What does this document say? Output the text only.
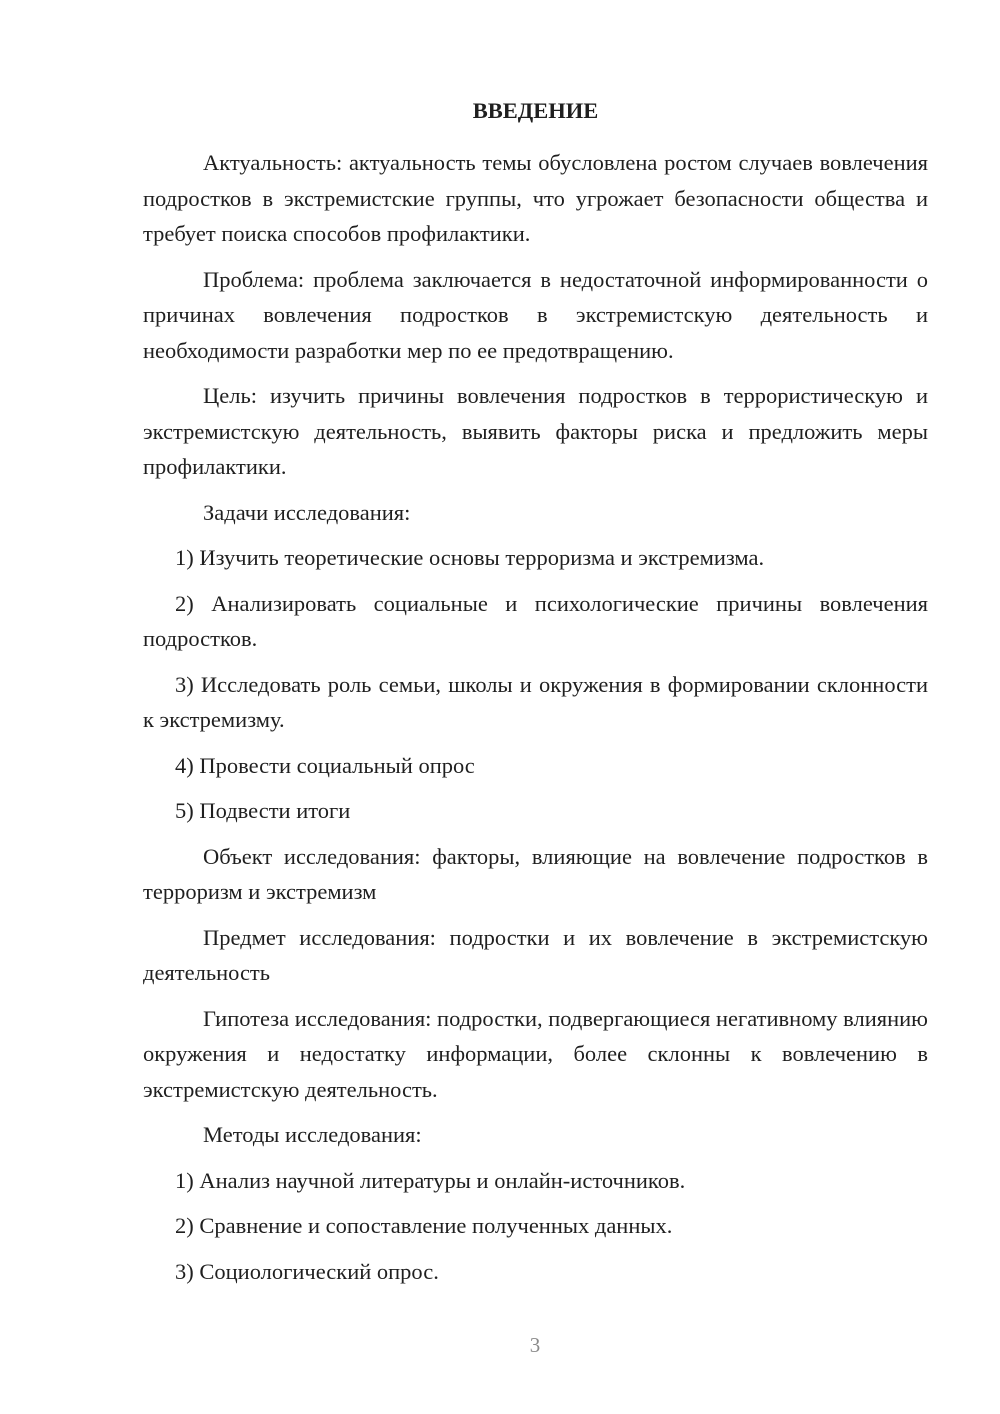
ВВЕДЕНИЕ

Актуальность: актуальность темы обусловлена ростом случаев вовлечения подростков в экстремистские группы, что угрожает безопасности общества и требует поиска способов профилактики.

Проблема: проблема заключается в недостаточной информированности о причинах вовлечения подростков в экстремистскую деятельность и необходимости разработки мер по ее предотвращению.

Цель: изучить причины вовлечения подростков в террористическую и экстремистскую деятельность, выявить факторы риска и предложить меры профилактики.

Задачи исследования:

1) Изучить теоретические основы терроризма и экстремизма.

2) Анализировать социальные и психологические причины вовлечения подростков.

3) Исследовать роль семьи, школы и окружения в формировании склонности к экстремизму.

4) Провести социальный опрос

5) Подвести итоги

Объект исследования: факторы, влияющие на вовлечение подростков в терроризм и экстремизм

Предмет исследования: подростки и их вовлечение в экстремистскую деятельность

Гипотеза исследования: подростки, подвергающиеся негативному влиянию окружения и недостатку информации, более склонны к вовлечению в экстремистскую деятельность.

Методы исследования:

1) Анализ научной литературы и онлайн-источников.

2) Сравнение и сопоставление полученных данных.

3) Социологический опрос.

3
